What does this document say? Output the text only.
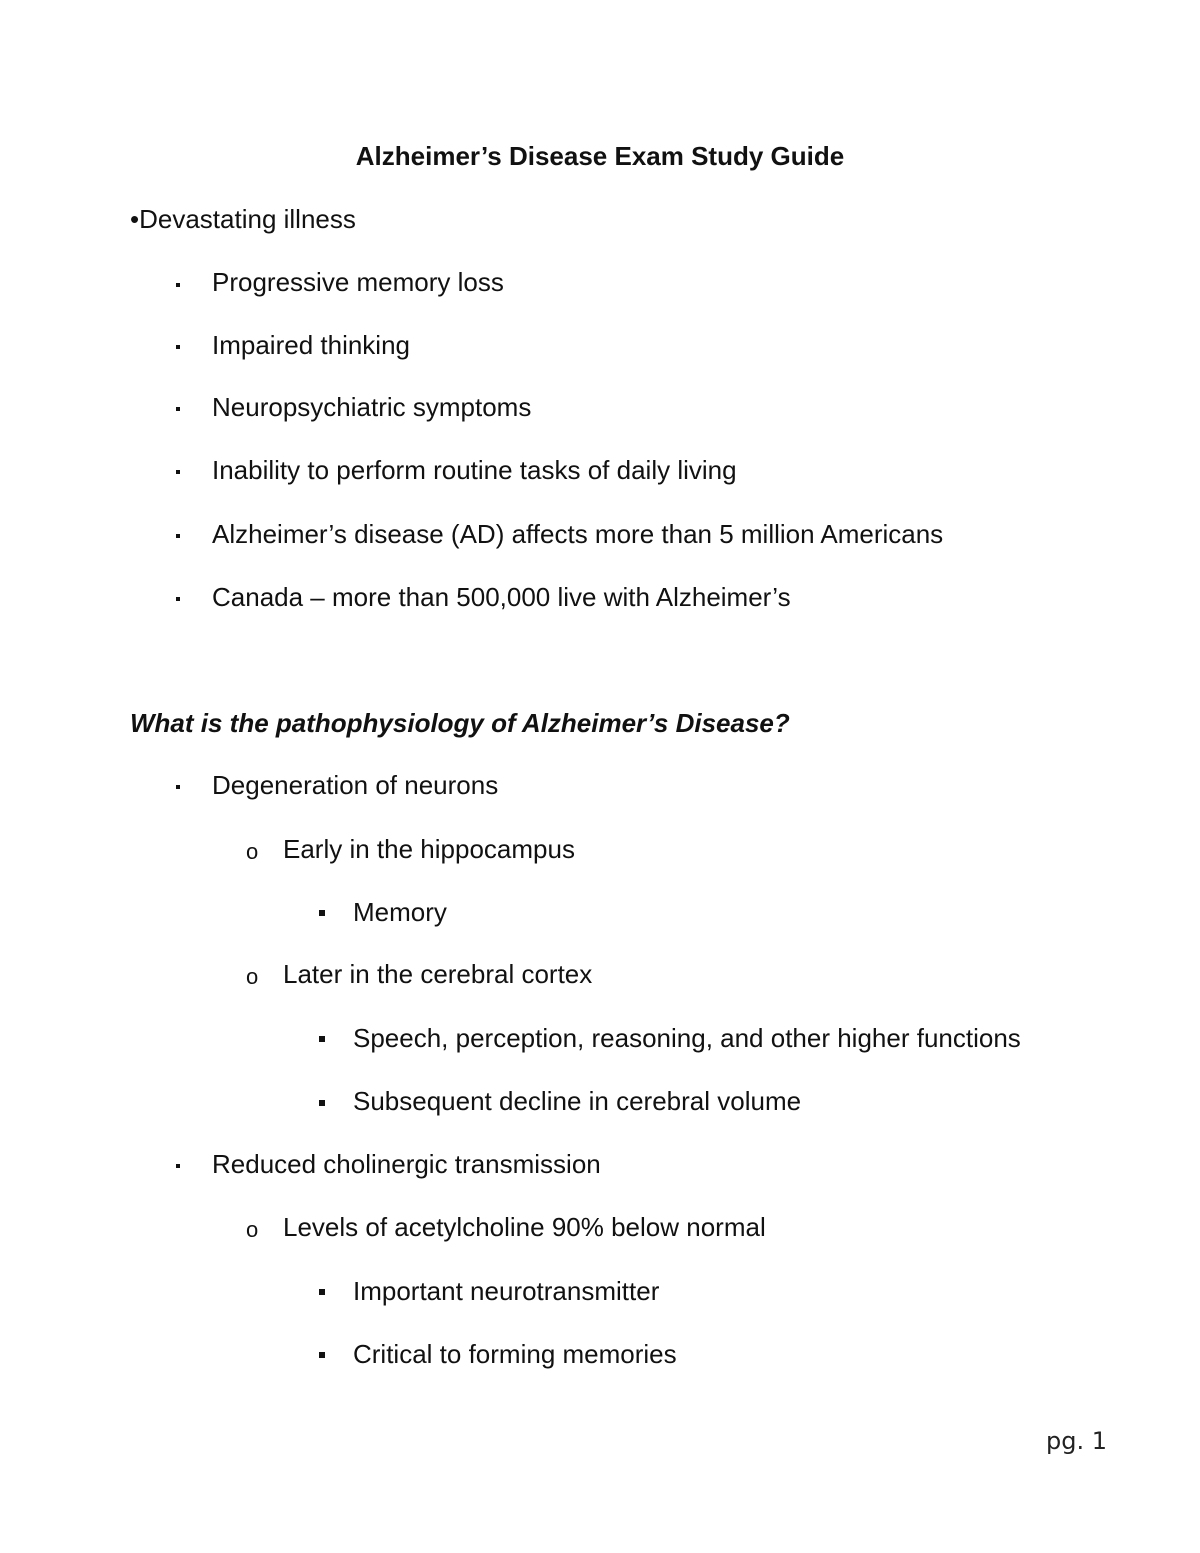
Alzheimer’s Disease Exam Study Guide
•Devastating illness
Progressive memory loss
Impaired thinking
Neuropsychiatric symptoms
Inability to perform routine tasks of daily living
Alzheimer’s disease (AD) affects more than 5 million Americans
Canada – more than 500,000 live with Alzheimer’s
What is the pathophysiology of Alzheimer’s Disease?
Degeneration of neurons
o Early in the hippocampus
Memory
o Later in the cerebral cortex
Speech, perception, reasoning, and other higher functions
Subsequent decline in cerebral volume
Reduced cholinergic transmission
o Levels of acetylcholine 90% below normal
Important neurotransmitter
Critical to forming memories
pg. 1
